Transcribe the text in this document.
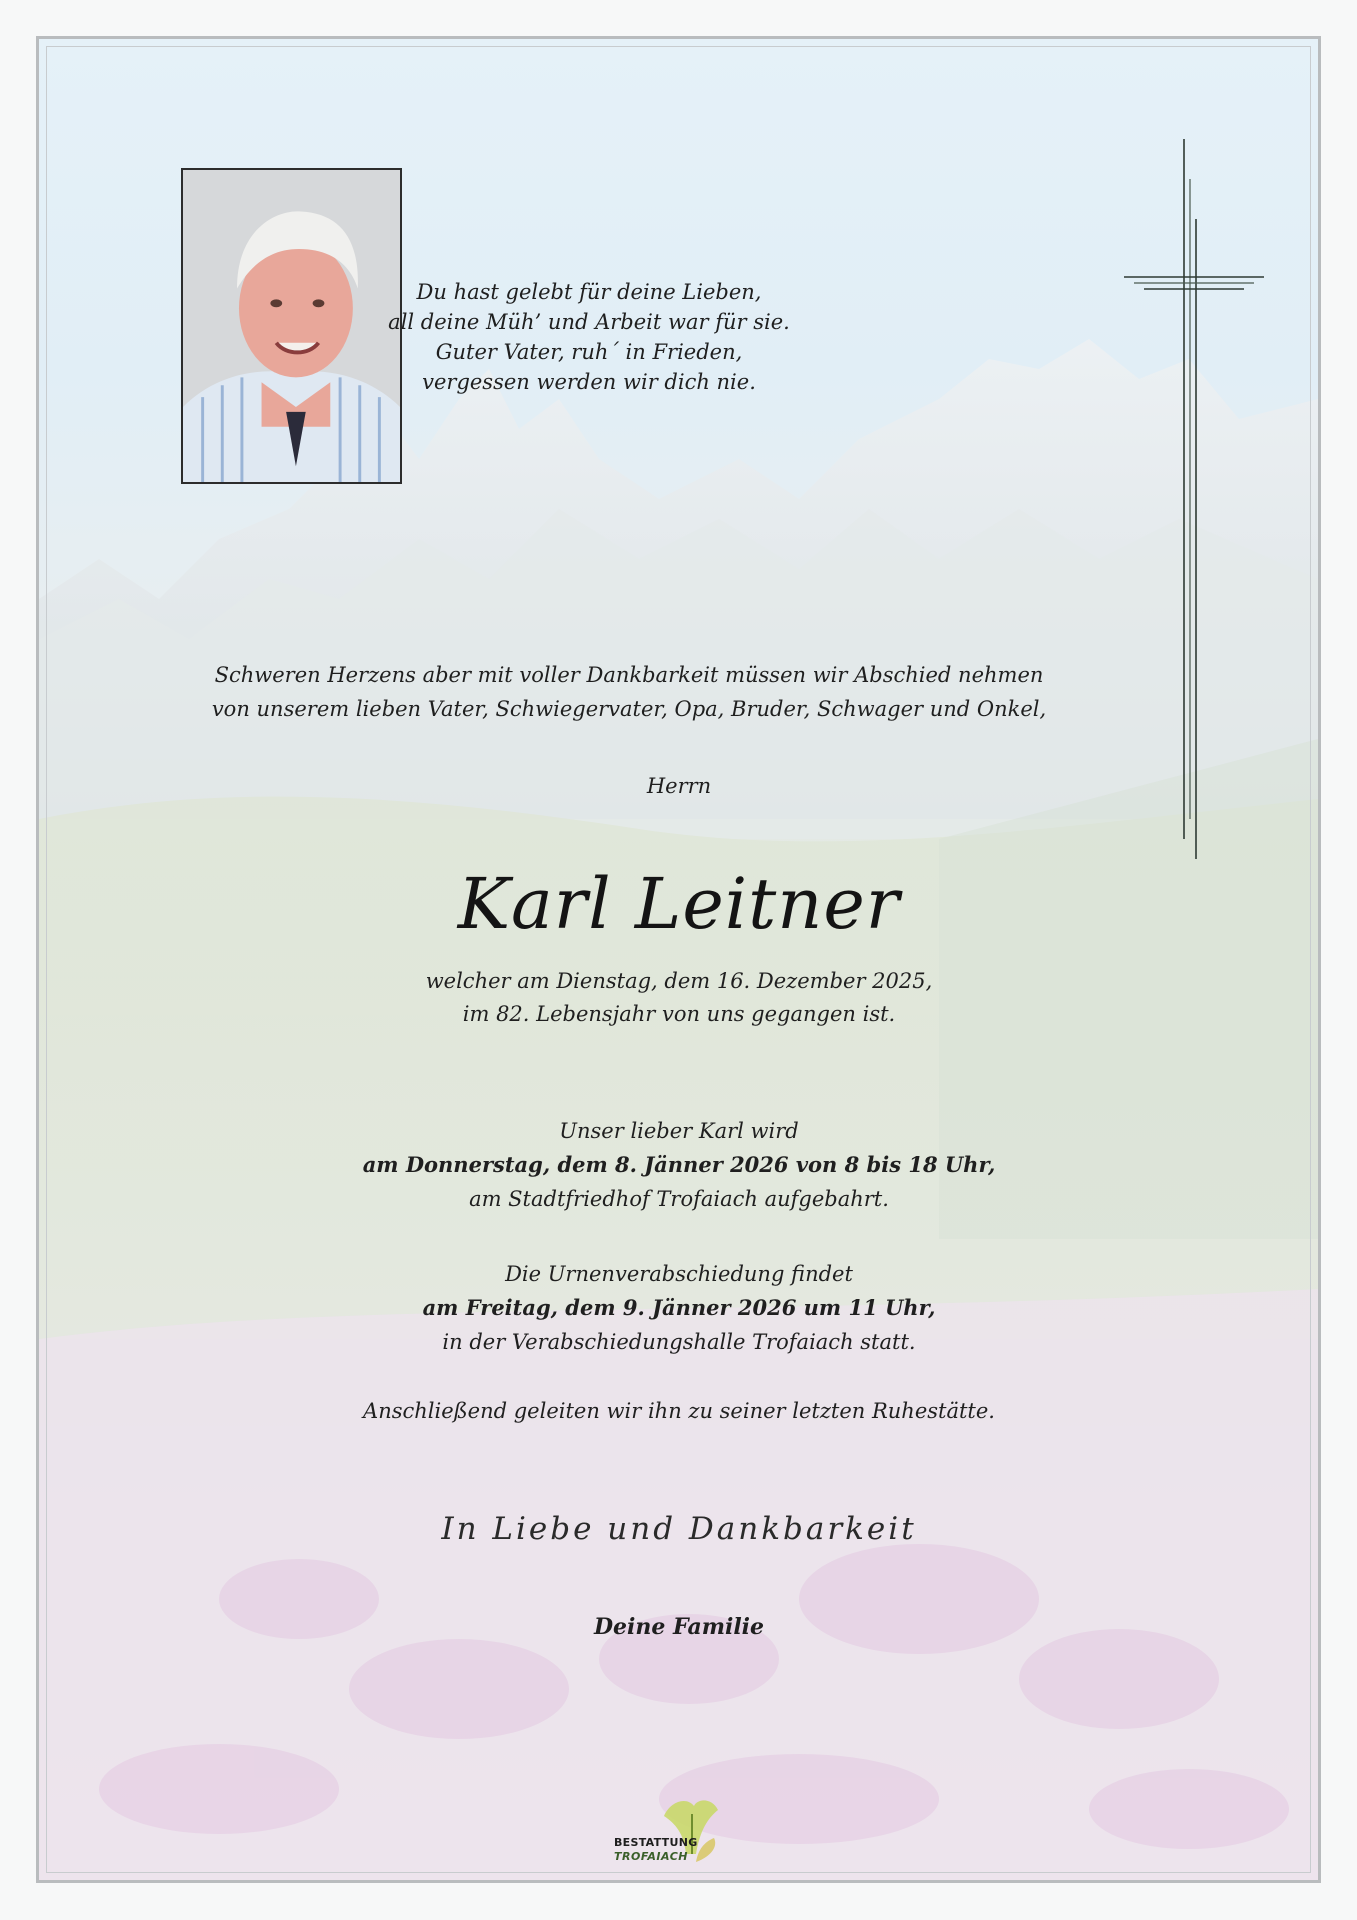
Du hast gelebt für deine Lieben,
all deine Müh’ und Arbeit war für sie.
Guter Vater, ruh´ in Frieden,
vergessen werden wir dich nie.
Schweren Herzens aber mit voller Dankbarkeit müssen wir Abschied nehmen
von unserem lieben Vater, Schwiegervater, Opa, Bruder, Schwager und Onkel,
Herrn
Karl Leitner
welcher am Dienstag, dem 16. Dezember 2025,
im 82. Lebensjahr von uns gegangen ist.
Unser lieber Karl wird
am Donnerstag, dem 8. Jänner 2026 von 8 bis 18 Uhr,
am Stadtfriedhof Trofaiach aufgebahrt.
Die Urnenverabschiedung findet
am Freitag, dem 9. Jänner 2026 um 11 Uhr,
in der Verabschiedungshalle Trofaiach statt.
Anschließend geleiten wir ihn zu seiner letzten Ruhestätte.
In Liebe und Dankbarkeit
Deine Familie
BESTATTUNG
TROFAIACH
